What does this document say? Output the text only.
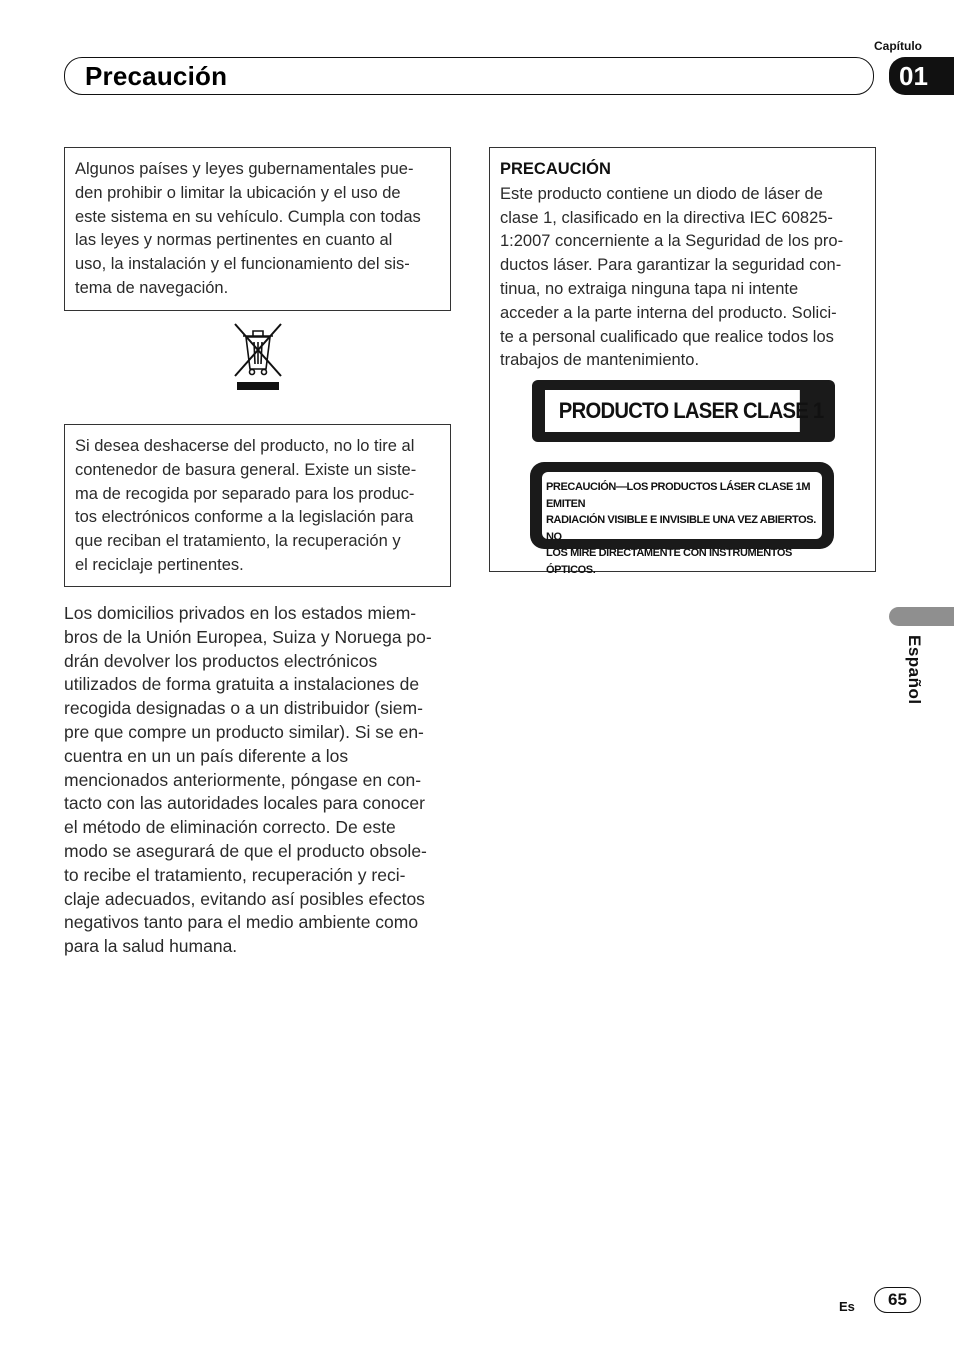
Capítulo
Precaución	01

Algunos países y leyes gubernamentales pue-
den prohibir o limitar la ubicación y el uso de
este sistema en su vehículo. Cumpla con todas
las leyes y normas pertinentes en cuanto al
uso, la instalación y el funcionamiento del sis-
tema de navegación.

Si desea deshacerse del producto, no lo tire al
contenedor de basura general. Existe un siste-
ma de recogida por separado para los produc-
tos electrónicos conforme a la legislación para
que reciban el tratamiento, la recuperación y
el reciclaje pertinentes.

Los domicilios privados en los estados miem-
bros de la Unión Europea, Suiza y Noruega po-
drán devolver los productos electrónicos
utilizados de forma gratuita a instalaciones de
recogida designadas o a un distribuidor (siem-
pre que compre un producto similar). Si se en-
cuentra en un un país diferente a los
mencionados anteriormente, póngase en con-
tacto con las autoridades locales para conocer
el método de eliminación correcto. De este
modo se asegurará de que el producto obsole-
to recibe el tratamiento, recuperación y reci-
claje adecuados, evitando así posibles efectos
negativos tanto para el medio ambiente como
para la salud humana.

PRECAUCIÓN

Este producto contiene un diodo de láser de
clase 1, clasificado en la directiva IEC 60825-
1:2007 concerniente a la Seguridad de los pro-
ductos láser. Para garantizar la seguridad con-
tinua, no extraiga ninguna tapa ni intente
acceder a la parte interna del producto. Solici-
te a personal cualificado que realice todos los
trabajos de mantenimiento.

PRODUCTO LASER CLASE 1
PRECAUCIÓN—LOS PRODUCTOS LÁSER CLASE 1M EMITEN
RADIACIÓN VISIBLE E INVISIBLE UNA VEZ ABIERTOS. NO
LOS MIRE DIRECTAMENTE CON INSTRUMENTOS ÓPTICOS.
Español
Es	65
